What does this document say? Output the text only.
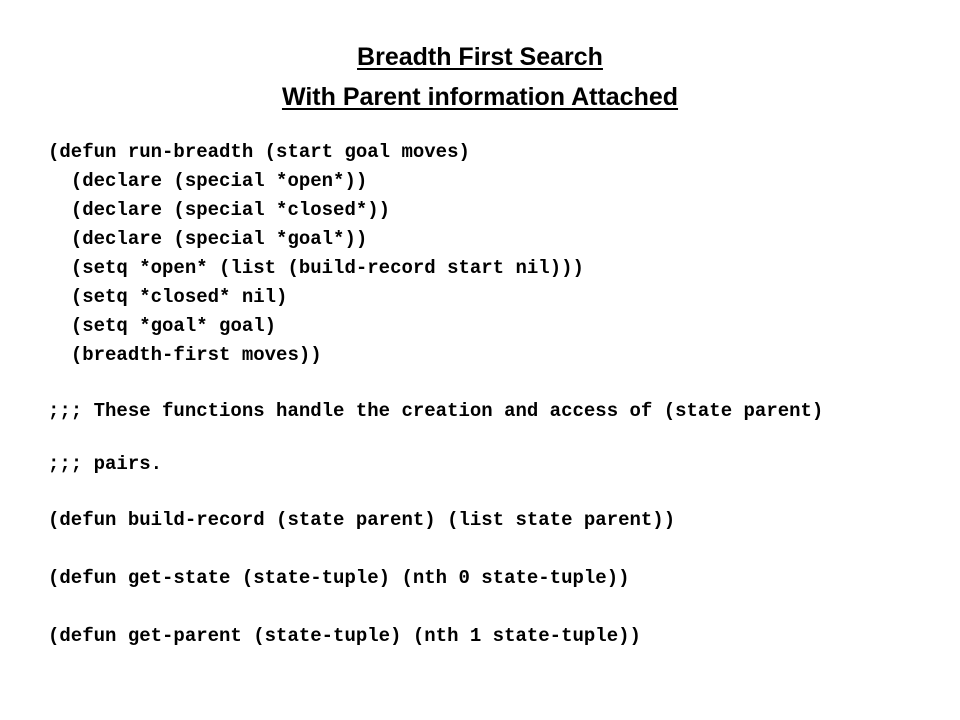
Breadth First Search
With Parent information Attached
(defun run-breadth (start goal moves)
(declare (special *open*))
(declare (special *closed*))
(declare (special *goal*))
(setq *open* (list (build-record start nil)))
(setq *closed* nil)
(setq *goal* goal)
(breadth-first moves))
;;; These functions handle the creation and access of (state parent)
;;; pairs.
(defun build-record (state parent) (list state parent))
(defun get-state (state-tuple) (nth 0 state-tuple))
(defun get-parent (state-tuple) (nth 1 state-tuple))
